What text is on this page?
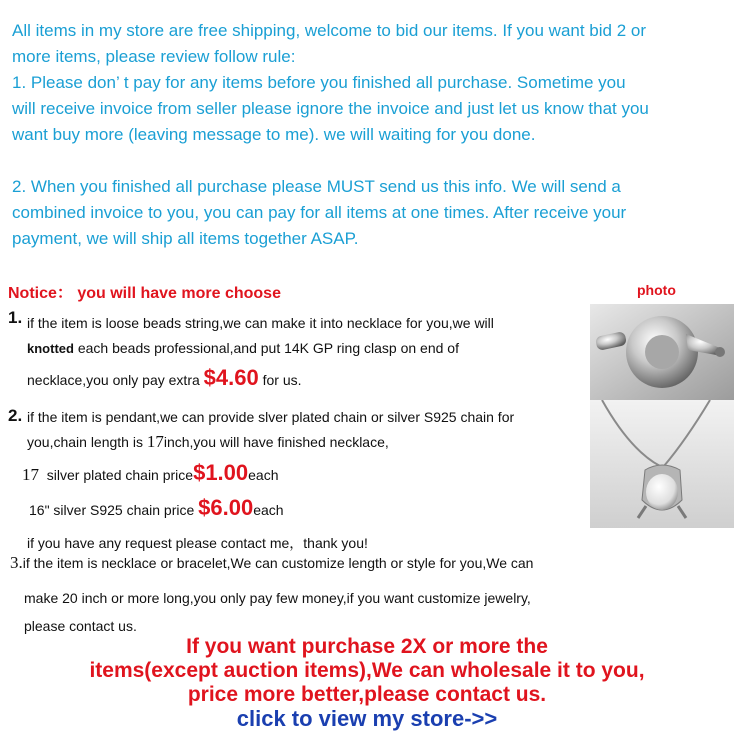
All items in my store are free shipping, welcome to bid our items. If you want bid 2 or

more items, please review follow rule:

1. Please don’ t pay for any items before you finished all purchase. Sometime you

will receive invoice from seller please ignore the invoice and just let us know that you

want buy more (leaving message to me). we will waiting for you done.

2. When you finished all purchase please MUST send us this info. We will send a

combined invoice to you, you can pay for all items at one times. After receive your

payment, we will ship all items together ASAP.

Notice： you will have more choose	photo
1. if the item is loose beads string,we can make it into necklace for you,we will
knotted each beads professional,and put 14K GP ring clasp on end of
necklace,you only pay extra $4.60 for us.
2. if the item is pendant,we can provide slver plated chain or silver S925 chain for
you,chain length is 17inch,you will have finished necklace,
17 silver plated chain price$1.00each
16" silver S925 chain price $6.00each
if you have any request please contact me，thank you!
3.if the item is necklace or bracelet,We can customize length or style for you,We can
make 20 inch or more long,you only pay few money,if you want customize jewelry,
please contact us.
If you want purchase 2X or more the
items(except auction items),We can wholesale it to you,
price more better,please contact us.
click to view my store->>
